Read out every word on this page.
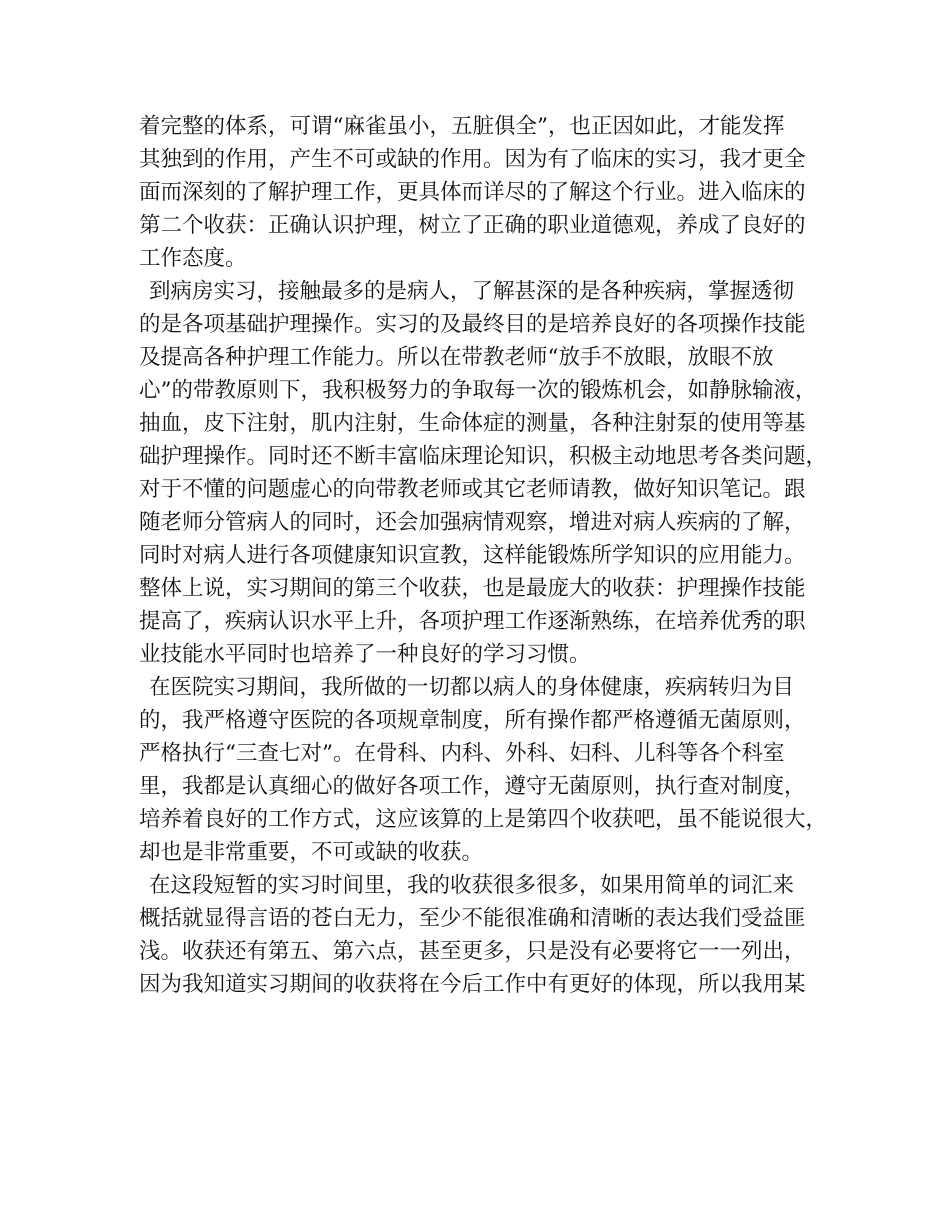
着完整的体系，可谓“麻雀虽小，五脏俱全”，也正因如此，才能发挥
其独到的作用，产生不可或缺的作用。因为有了临床的实习，我才更全
面而深刻的了解护理工作，更具体而详尽的了解这个行业。进入临床的
第二个收获：正确认识护理，树立了正确的职业道德观，养成了良好的
工作态度。
到病房实习，接触最多的是病人，了解甚深的是各种疾病，掌握透彻
的是各项基础护理操作。实习的及最终目的是培养良好的各项操作技能
及提高各种护理工作能力。所以在带教老师“放手不放眼，放眼不放
心”的带教原则下，我积极努力的争取每一次的锻炼机会，如静脉输液，
抽血，皮下注射，肌内注射，生命体症的测量，各种注射泵的使用等基
础护理操作。同时还不断丰富临床理论知识，积极主动地思考各类问题，
对于不懂的问题虚心的向带教老师或其它老师请教，做好知识笔记。跟
随老师分管病人的同时，还会加强病情观察，增进对病人疾病的了解，
同时对病人进行各项健康知识宣教，这样能锻炼所学知识的应用能力。
整体上说，实习期间的第三个收获，也是最庞大的收获：护理操作技能
提高了，疾病认识水平上升，各项护理工作逐渐熟练，在培养优秀的职
业技能水平同时也培养了一种良好的学习习惯。
在医院实习期间，我所做的一切都以病人的身体健康，疾病转归为目
的，我严格遵守医院的各项规章制度，所有操作都严格遵循无菌原则，
严格执行“三查七对”。在骨科、内科、外科、妇科、儿科等各个科室
里，我都是认真细心的做好各项工作，遵守无菌原则，执行查对制度，
培养着良好的工作方式，这应该算的上是第四个收获吧，虽不能说很大，
却也是非常重要，不可或缺的收获。
在这段短暂的实习时间里，我的收获很多很多，如果用简单的词汇来
概括就显得言语的苍白无力，至少不能很准确和清晰的表达我们受益匪
浅。收获还有第五、第六点，甚至更多，只是没有必要将它一一列出，
因为我知道实习期间的收获将在今后工作中有更好的体现，所以我用某
